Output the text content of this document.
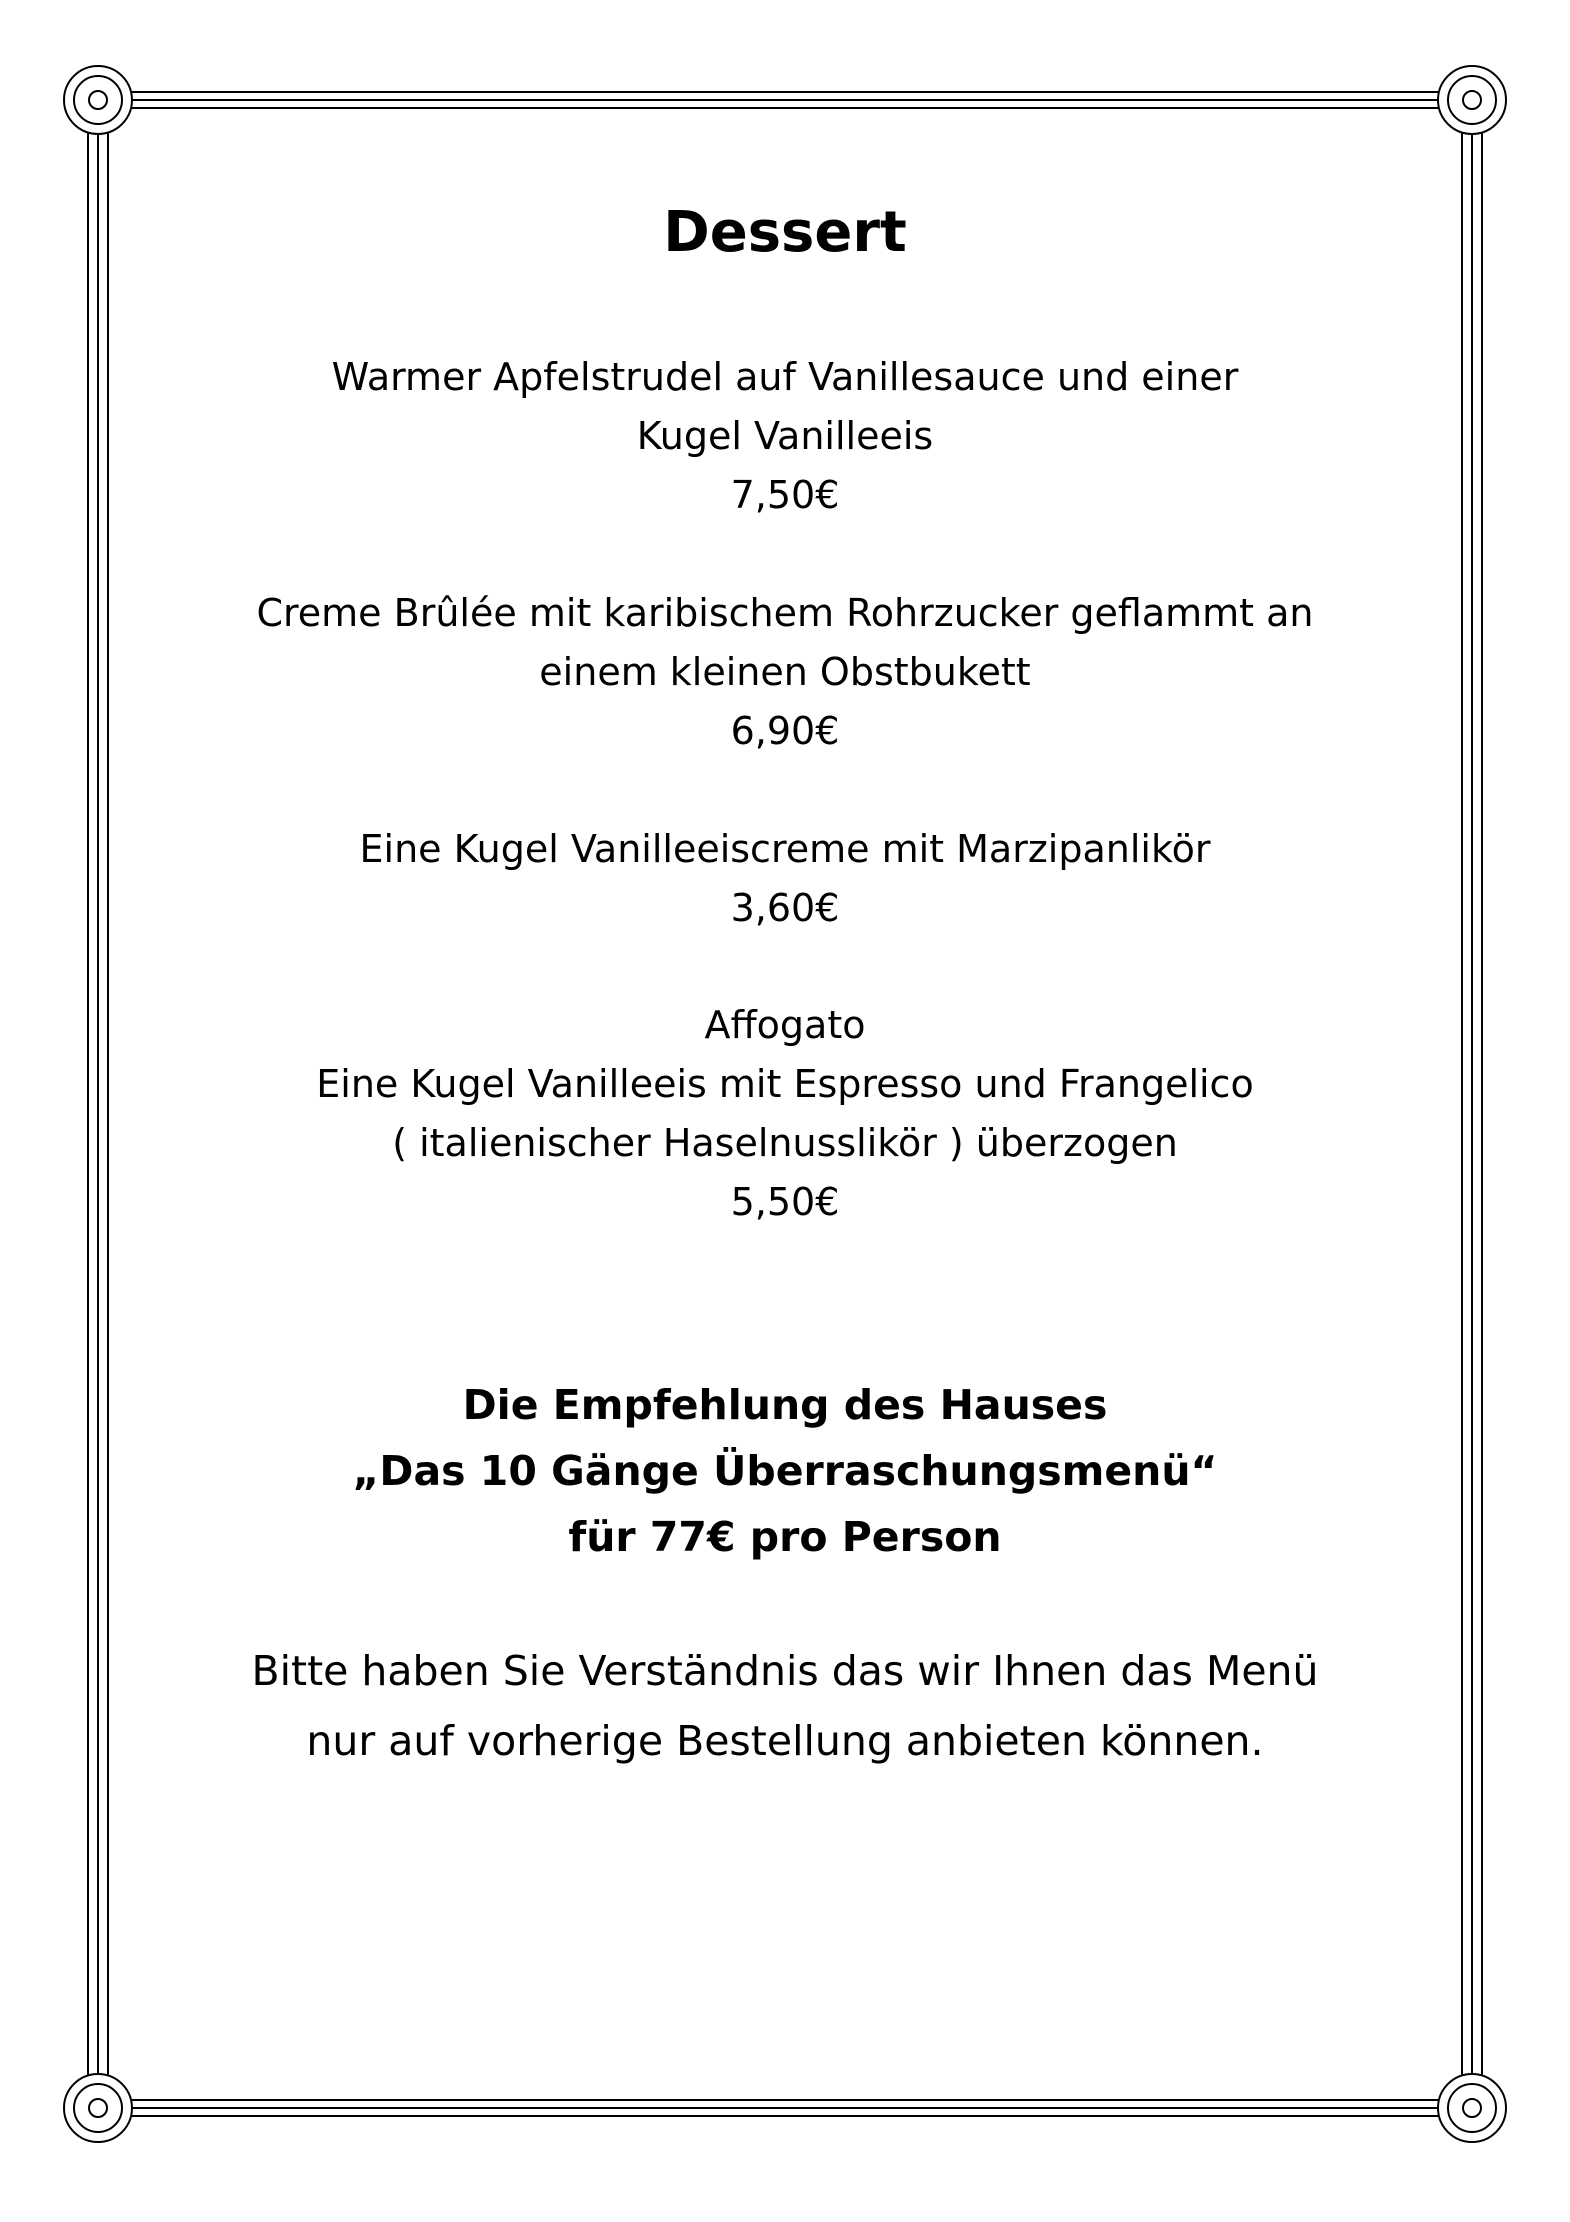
Dessert
Warmer Apfelstrudel auf Vanillesauce und einer
Kugel Vanilleeis
7,50€
Creme Brûlée mit karibischem Rohrzucker geflammt an
einem kleinen Obstbukett
6,90€
Eine Kugel Vanilleeiscreme mit Marzipanlikör
3,60€
Affogato
Eine Kugel Vanilleeis mit Espresso und Frangelico
( italienischer Haselnusslikör ) überzogen
5,50€
Die Empfehlung des Hauses
„Das 10 Gänge Überraschungsmenü“
für 77€ pro Person
Bitte haben Sie Verständnis das wir Ihnen das Menü
nur auf vorherige Bestellung anbieten können.
